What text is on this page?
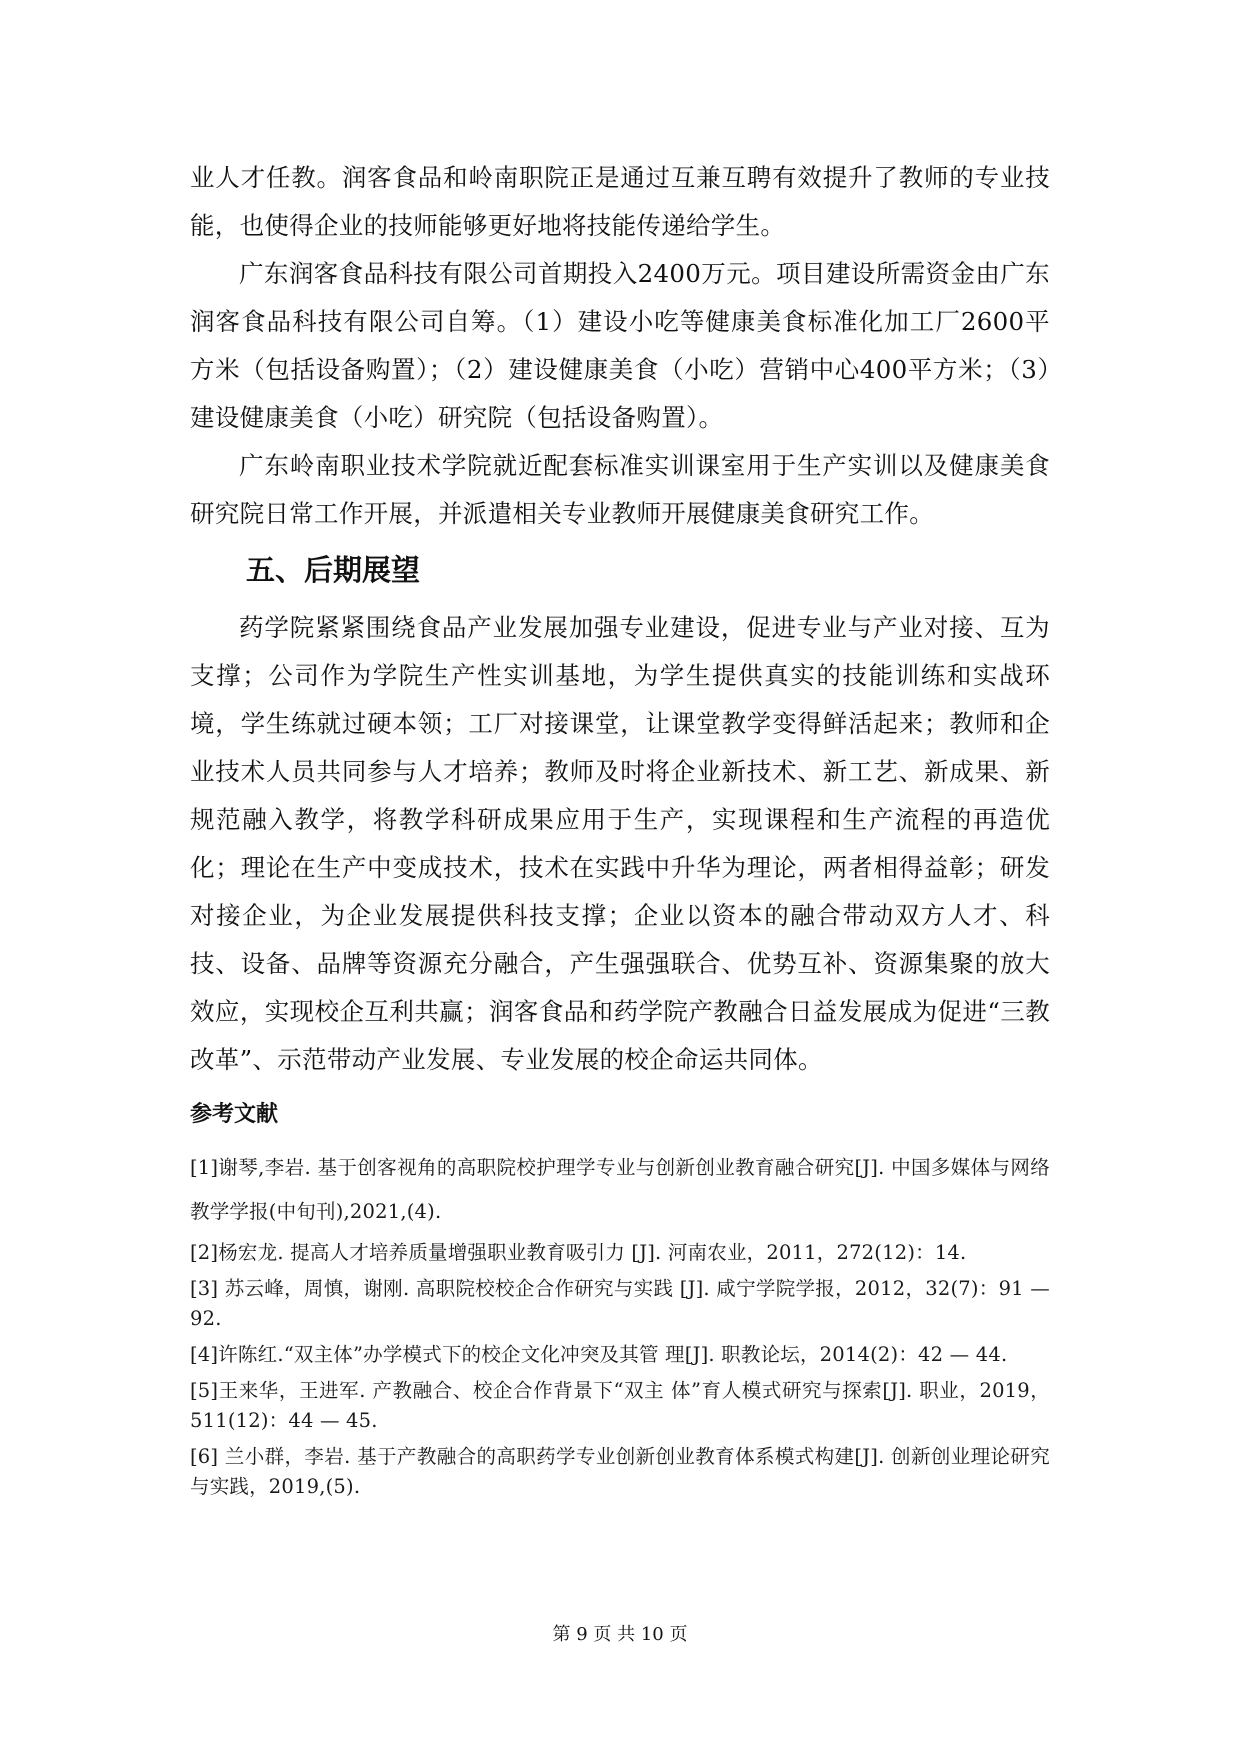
业人才任教。润客食品和岭南职院正是通过互兼互聘有效提升了教师的专业技能，也使得企业的技师能够更好地将技能传递给学生。

广东润客食品科技有限公司首期投入2400万元。项目建设所需资金由广东润客食品科技有限公司自筹。（1）建设小吃等健康美食标准化加工厂2600平方米（包括设备购置）；（2）建设健康美食（小吃）营销中心400平方米；（3）建设健康美食（小吃）研究院（包括设备购置）。

广东岭南职业技术学院就近配套标准实训课室用于生产实训以及健康美食研究院日常工作开展，并派遣相关专业教师开展健康美食研究工作。

五、后期展望

药学院紧紧围绕食品产业发展加强专业建设，促进专业与产业对接、互为支撑；公司作为学院生产性实训基地，为学生提供真实的技能训练和实战环境，学生练就过硬本领；工厂对接课堂，让课堂教学变得鲜活起来；教师和企业技术人员共同参与人才培养；教师及时将企业新技术、新工艺、新成果、新规范融入教学，将教学科研成果应用于生产，实现课程和生产流程的再造优化；理论在生产中变成技术，技术在实践中升华为理论，两者相得益彰；研发对接企业，为企业发展提供科技支撑；企业以资本的融合带动双方人才、科技、设备、品牌等资源充分融合，产生强强联合、优势互补、资源集聚的放大效应，实现校企互利共赢；润客食品和药学院产教融合日益发展成为促进“三教改革”、示范带动产业发展、专业发展的校企命运共同体。

参考文献

[1]谢琴,李岩. 基于创客视角的高职院校护理学专业与创新创业教育融合研究[J]. 中国多媒体与网络教学学报(中旬刊),2021,(4).

[2]杨宏龙. 提高人才培养质量增强职业教育吸引力 [J]. 河南农业，2011，272(12)：14.

[3] 苏云峰，周慎，谢刚. 高职院校校企合作研究与实践 [J]. 咸宁学院学报，2012，32(7)：91 — 92.

[4]许陈红.“双主体”办学模式下的校企文化冲突及其管 理[J]. 职教论坛，2014(2)：42 — 44.

[5]王来华，王进军. 产教融合、校企合作背景下“双主 体”育人模式研究与探索[J]. 职业，2019，511(12)：44 — 45.

[6] 兰小群，李岩. 基于产教融合的高职药学专业创新创业教育体系模式构建[J]. 创新创业理论研究与实践，2019,(5).

第 9 页 共 10 页
